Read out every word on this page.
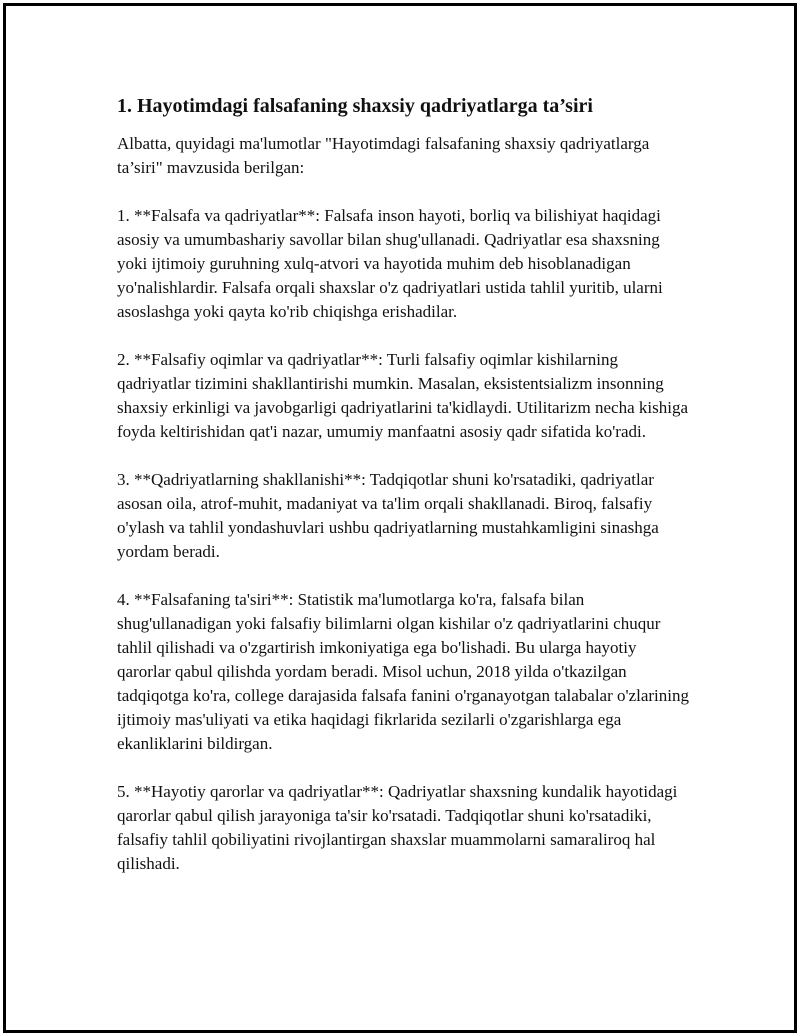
1. Hayotimdagi falsafaning shaxsiy qadriyatlarga ta’siri

Albatta, quyidagi ma'lumotlar "Hayotimdagi falsafaning shaxsiy qadriyatlarga ta’siri" mavzusida berilgan:

1. **Falsafa va qadriyatlar**: Falsafa inson hayoti, borliq va bilishiyat haqidagi asosiy va umumbashariy savollar bilan shug'ullanadi. Qadriyatlar esa shaxsning yoki ijtimoiy guruhning xulq-atvori va hayotida muhim deb hisoblanadigan yo'nalishlardir. Falsafa orqali shaxslar o'z qadriyatlari ustida tahlil yuritib, ularni asoslashga yoki qayta ko'rib chiqishga erishadilar.

2. **Falsafiy oqimlar va qadriyatlar**: Turli falsafiy oqimlar kishilarning qadriyatlar tizimini shakllantirishi mumkin. Masalan, eksistentsializm insonning shaxsiy erkinligi va javobgarligi qadriyatlarini ta'kidlaydi. Utilitarizm necha kishiga foyda keltirishidan qat'i nazar, umumiy manfaatni asosiy qadr sifatida ko'radi.

3. **Qadriyatlarning shakllanishi**: Tadqiqotlar shuni ko'rsatadiki, qadriyatlar asosan oila, atrof-muhit, madaniyat va ta'lim orqali shakllanadi. Biroq, falsafiy o'ylash va tahlil yondashuvlari ushbu qadriyatlarning mustahkamligini sinashga yordam beradi.

4. **Falsafaning ta'siri**: Statistik ma'lumotlarga ko'ra, falsafa bilan shug'ullanadigan yoki falsafiy bilimlarni olgan kishilar o'z qadriyatlarini chuqur tahlil qilishadi va o'zgartirish imkoniyatiga ega bo'lishadi. Bu ularga hayotiy qarorlar qabul qilishda yordam beradi. Misol uchun, 2018 yilda o'tkazilgan tadqiqotga ko'ra, college darajasida falsafa fanini o'rganayotgan talabalar o'zlarining ijtimoiy mas'uliyati va etika haqidagi fikrlarida sezilarli o'zgarishlarga ega ekanliklarini bildirgan.

5. **Hayotiy qarorlar va qadriyatlar**: Qadriyatlar shaxsning kundalik hayotidagi qarorlar qabul qilish jarayoniga ta'sir ko'rsatadi. Tadqiqotlar shuni ko'rsatadiki, falsafiy tahlil qobiliyatini rivojlantirgan shaxslar muammolarni samaraliroq hal qilishadi.
